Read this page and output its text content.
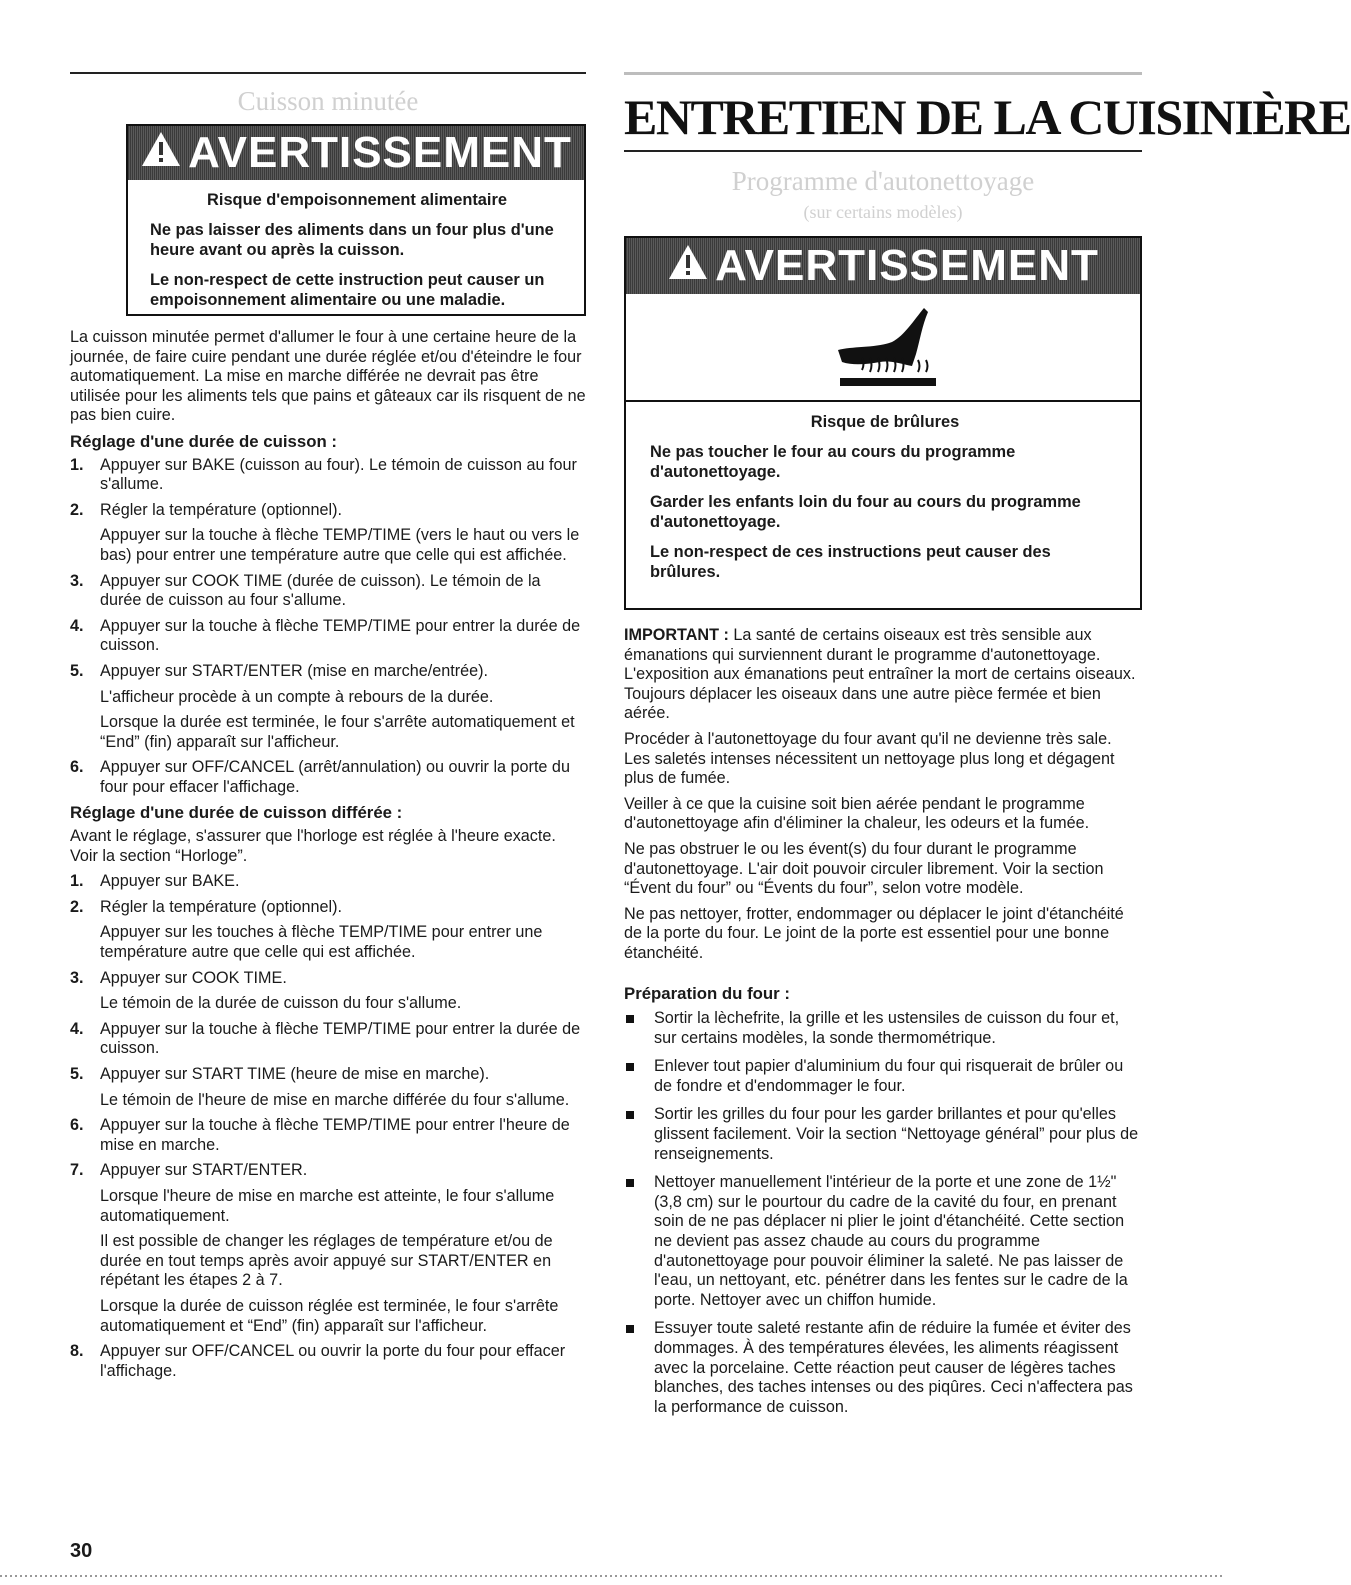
Cuisson minutée
AVERTISSEMENT

Risque d'empoisonnement alimentaire

Ne pas laisser des aliments dans un four plus d'une heure avant ou après la cuisson.

Le non-respect de cette instruction peut causer un empoisonnement alimentaire ou une maladie.

La cuisson minutée permet d'allumer le four à une certaine heure de la journée, de faire cuire pendant une durée réglée et/ou d'éteindre le four automatiquement. La mise en marche différée ne devrait pas être utilisée pour les aliments tels que pains et gâteaux car ils risquent de ne pas bien cuire.

Réglage d'une durée de cuisson :
1. Appuyer sur BAKE (cuisson au four). Le témoin de cuisson au four s'allume.
2. Régler la température (optionnel).
Appuyer sur la touche à flèche TEMP/TIME (vers le haut ou vers le bas) pour entrer une température autre que celle qui est affichée.
3. Appuyer sur COOK TIME (durée de cuisson). Le témoin de la durée de cuisson au four s'allume.
4. Appuyer sur la touche à flèche TEMP/TIME pour entrer la durée de cuisson.
5. Appuyer sur START/ENTER (mise en marche/entrée).
L'afficheur procède à un compte à rebours de la durée.
Lorsque la durée est terminée, le four s'arrête automatiquement et “End” (fin) apparaît sur l'afficheur.
6. Appuyer sur OFF/CANCEL (arrêt/annulation) ou ouvrir la porte du four pour effacer l'affichage.
Réglage d'une durée de cuisson différée :

Avant le réglage, s'assurer que l'horloge est réglée à l'heure exacte. Voir la section “Horloge”.

1. Appuyer sur BAKE.
2. Régler la température (optionnel).
Appuyer sur les touches à flèche TEMP/TIME pour entrer une température autre que celle qui est affichée.
3. Appuyer sur COOK TIME.
Le témoin de la durée de cuisson du four s'allume.
4. Appuyer sur la touche à flèche TEMP/TIME pour entrer la durée de cuisson.
5. Appuyer sur START TIME (heure de mise en marche).
Le témoin de l'heure de mise en marche différée du four s'allume.
6. Appuyer sur la touche à flèche TEMP/TIME pour entrer l'heure de mise en marche.
7. Appuyer sur START/ENTER.
Lorsque l'heure de mise en marche est atteinte, le four s'allume automatiquement.
Il est possible de changer les réglages de température et/ou de durée en tout temps après avoir appuyé sur START/ENTER en répétant les étapes 2 à 7.
Lorsque la durée de cuisson réglée est terminée, le four s'arrête automatiquement et “End” (fin) apparaît sur l'afficheur.
8. Appuyer sur OFF/CANCEL ou ouvrir la porte du four pour effacer l'affichage.
30
ENTRETIEN DE LA CUISINIÈRE
Programme d'autonettoyage
(sur certains modèles)
AVERTISSEMENT

Risque de brûlures

Ne pas toucher le four au cours du programme d'autonettoyage.

Garder les enfants loin du four au cours du programme d'autonettoyage.

Le non-respect de ces instructions peut causer des brûlures.

IMPORTANT : La santé de certains oiseaux est très sensible aux émanations qui surviennent durant le programme d'autonettoyage. L'exposition aux émanations peut entraîner la mort de certains oiseaux. Toujours déplacer les oiseaux dans une autre pièce fermée et bien aérée.

Procéder à l'autonettoyage du four avant qu'il ne devienne très sale. Les saletés intenses nécessitent un nettoyage plus long et dégagent plus de fumée.

Veiller à ce que la cuisine soit bien aérée pendant le programme d'autonettoyage afin d'éliminer la chaleur, les odeurs et la fumée.

Ne pas obstruer le ou les évent(s) du four durant le programme d'autonettoyage. L'air doit pouvoir circuler librement. Voir la section “Évent du four” ou “Évents du four”, selon votre modèle.

Ne pas nettoyer, frotter, endommager ou déplacer le joint d'étanchéité de la porte du four. Le joint de la porte est essentiel pour une bonne étanchéité.

Préparation du four :
Sortir la lèchefrite, la grille et les ustensiles de cuisson du four et, sur certains modèles, la sonde thermométrique.
Enlever tout papier d'aluminium du four qui risquerait de brûler ou de fondre et d'endommager le four.
Sortir les grilles du four pour les garder brillantes et pour qu'elles glissent facilement. Voir la section “Nettoyage général” pour plus de renseignements.
Nettoyer manuellement l'intérieur de la porte et une zone de 1½" (3,8 cm) sur le pourtour du cadre de la cavité du four, en prenant soin de ne pas déplacer ni plier le joint d'étanchéité. Cette section ne devient pas assez chaude au cours du programme d'autonettoyage pour pouvoir éliminer la saleté. Ne pas laisser de l'eau, un nettoyant, etc. pénétrer dans les fentes sur le cadre de la porte. Nettoyer avec un chiffon humide.
Essuyer toute saleté restante afin de réduire la fumée et éviter des dommages. À des températures élevées, les aliments réagissent avec la porcelaine. Cette réaction peut causer de légères taches blanches, des taches intenses ou des piqûres. Ceci n'affectera pas la performance de cuisson.
